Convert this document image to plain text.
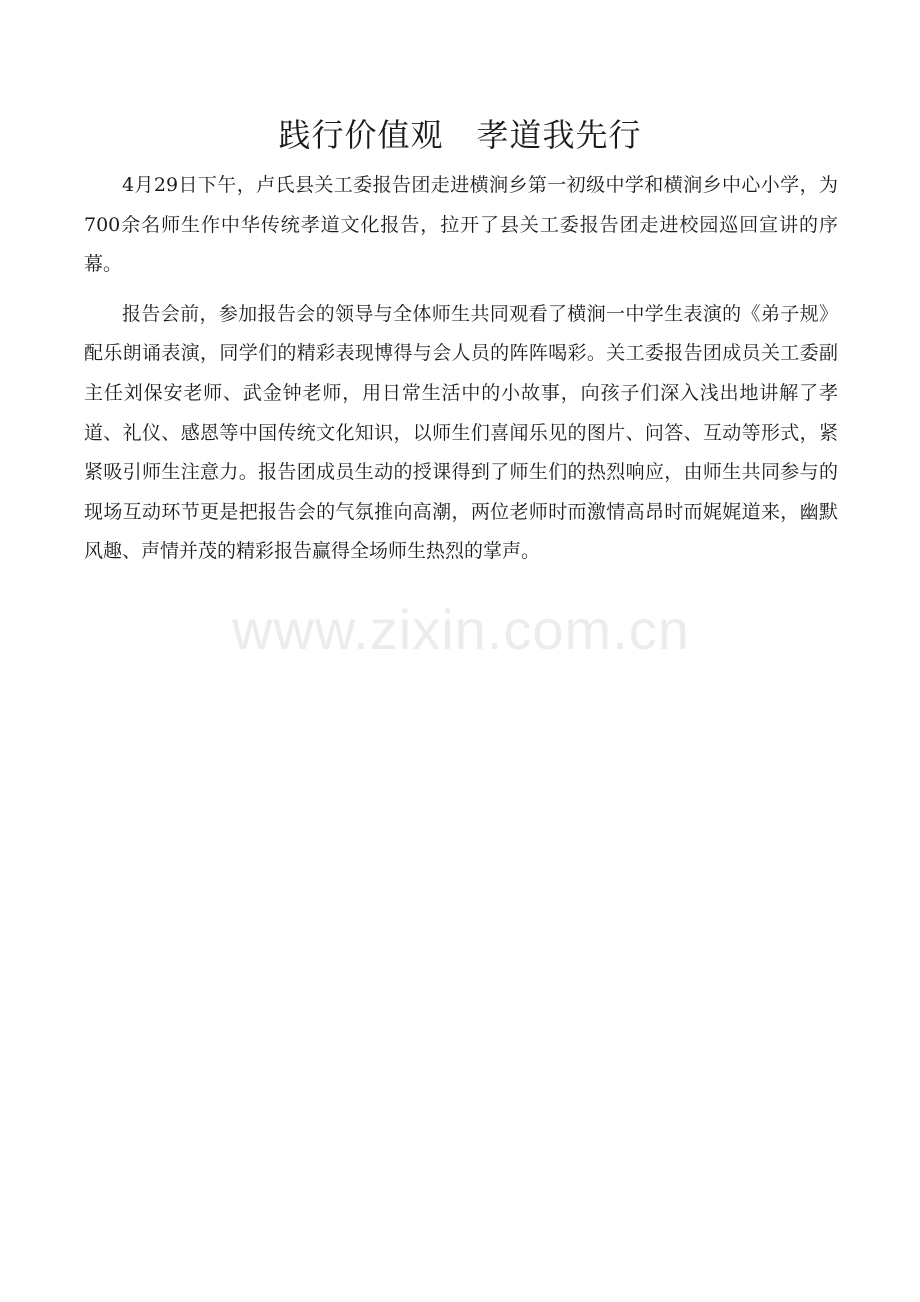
践行价值观　孝道我先行

4月29日下午，卢氏县关工委报告团走进横涧乡第一初级中学和横涧乡中心小学，为700余名师生作中华传统孝道文化报告，拉开了县关工委报告团走进校园巡回宣讲的序幕。

报告会前，参加报告会的领导与全体师生共同观看了横涧一中学生表演的《弟子规》配乐朗诵表演，同学们的精彩表现博得与会人员的阵阵喝彩。关工委报告团成员关工委副主任刘保安老师、武金钟老师，用日常生活中的小故事，向孩子们深入浅出地讲解了孝道、礼仪、感恩等中国传统文化知识，以师生们喜闻乐见的图片、问答、互动等形式，紧紧吸引师生注意力。报告团成员生动的授课得到了师生们的热烈响应，由师生共同参与的现场互动环节更是把报告会的气氛推向高潮，两位老师时而激情高昂时而娓娓道来，幽默风趣、声情并茂的精彩报告赢得全场师生热烈的掌声。

www.zixin.com.cn
